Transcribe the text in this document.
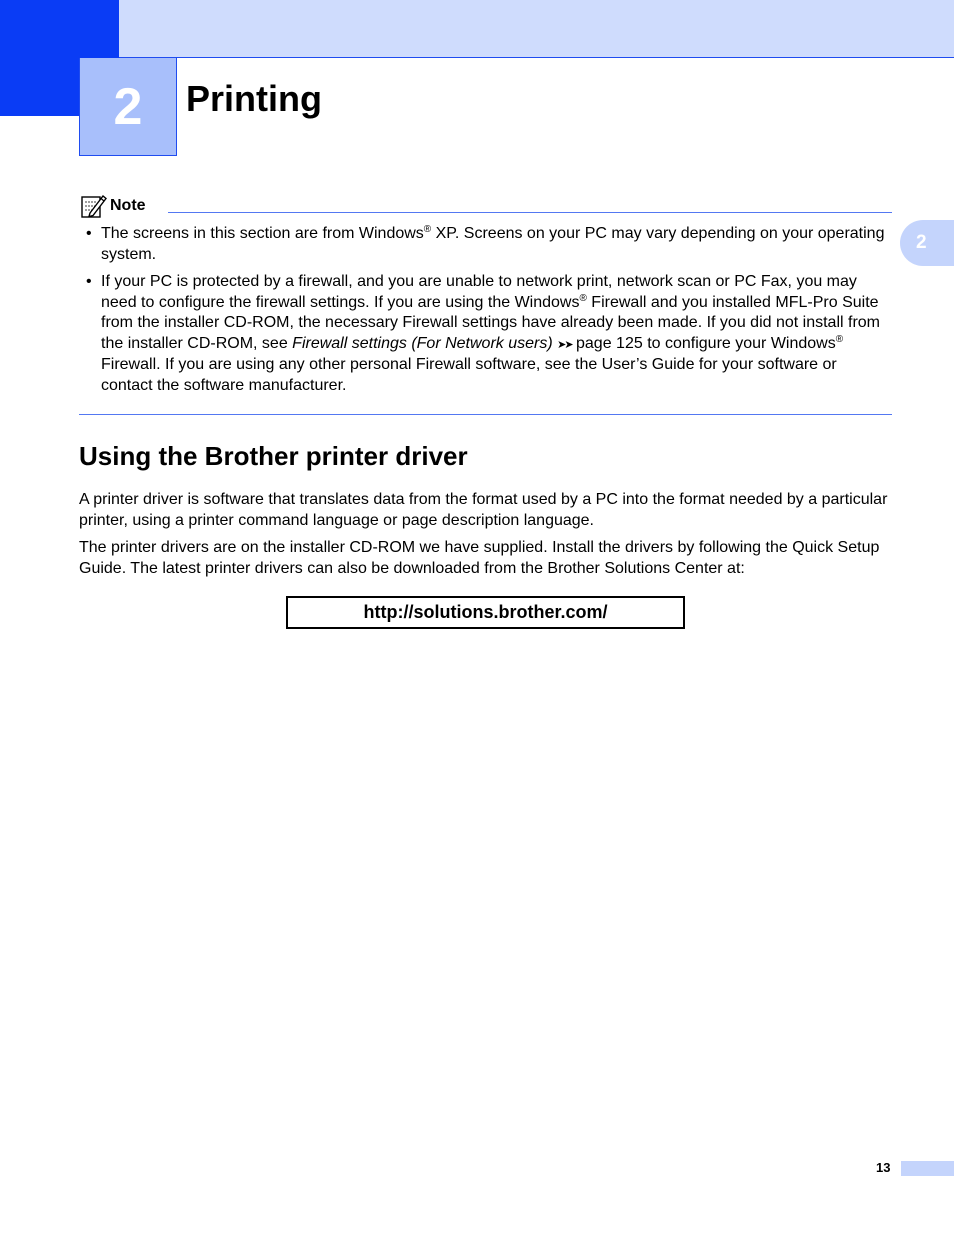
2	Printing
2
Note
• The screens in this section are from Windows® XP. Screens on your PC may vary depending on your operating system.
• If your PC is protected by a firewall, and you are unable to network print, network scan or PC Fax, you may need to configure the firewall settings. If you are using the Windows® Firewall and you installed MFL-Pro Suite from the installer CD-ROM, the necessary Firewall settings have already been made. If you did not install from the installer CD-ROM, see Firewall settings (For Network users) ➤➤ page 125 to configure your Windows® Firewall. If you are using any other personal Firewall software, see the User’s Guide for your software or contact the software manufacturer.
Using the Brother printer driver

A printer driver is software that translates data from the format used by a PC into the format needed by a particular printer, using a printer command language or page description language.

The printer drivers are on the installer CD-ROM we have supplied. Install the drivers by following the Quick Setup Guide. The latest printer drivers can also be downloaded from the Brother Solutions Center at:

http://solutions.brother.com/
13
